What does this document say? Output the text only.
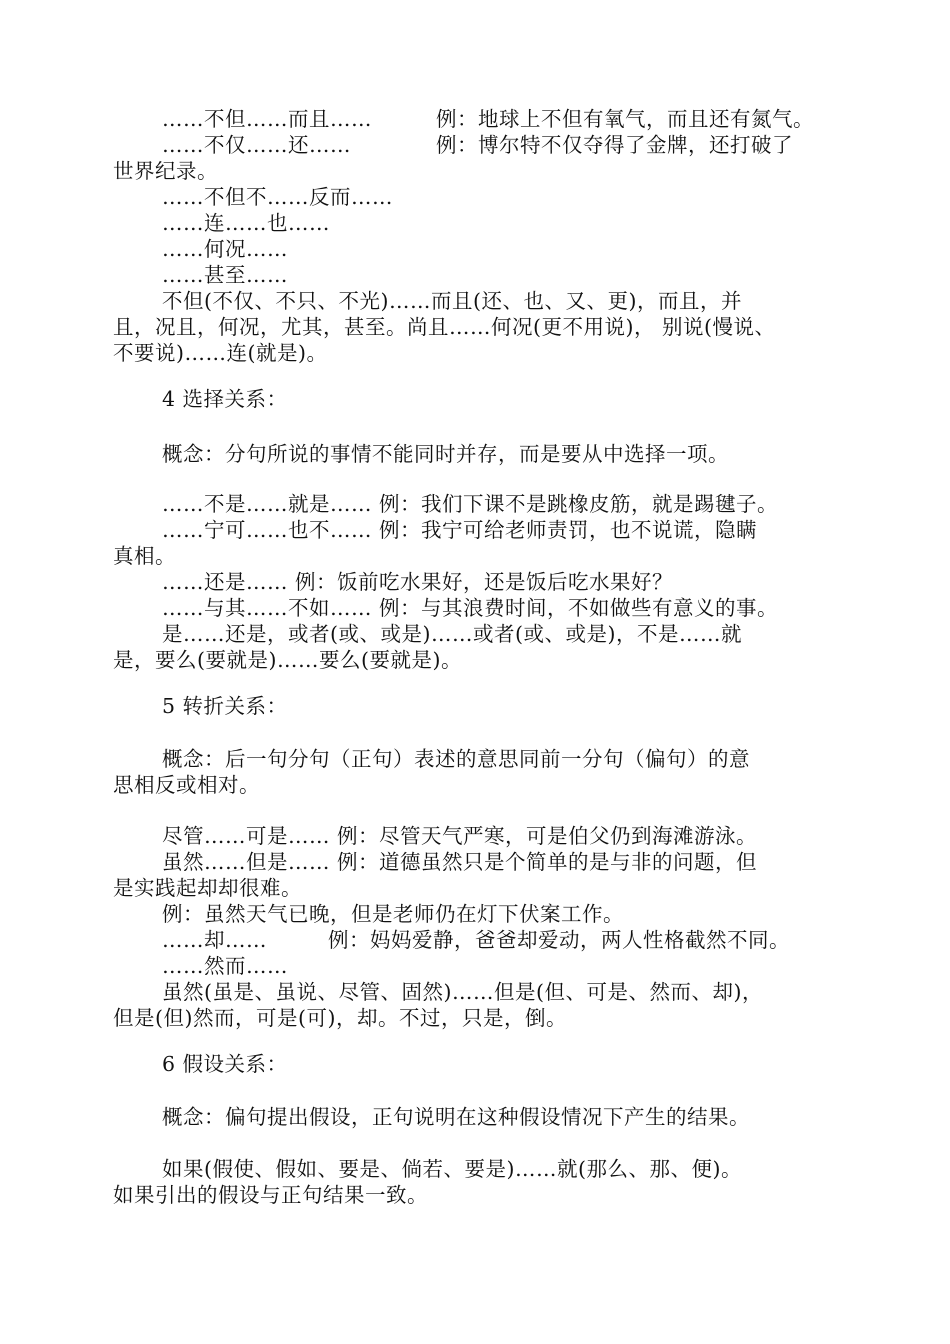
……不但……而且……	例：地球上不但有氧气，而且还有氮气。
……不仅……还……	例：博尔特不仅夺得了金牌，还打破了
世界纪录。
……不但不……反而……
……连……也……
……何况……
……甚至……
不但(不仅、不只、不光)……而且(还、也、又、更)，而且，并
且，况且，何况，尤其，甚至。尚且……何况(更不用说)， 别说(慢说、
不要说)……连(就是)。
4 选择关系：
概念：分句所说的事情不能同时并存，而是要从中选择一项。
……不是……就是…… 例：我们下课不是跳橡皮筋，就是踢毽子。
……宁可……也不…… 例：我宁可给老师责罚，也不说谎，隐瞒
真相。
……还是…… 例：饭前吃水果好，还是饭后吃水果好？
……与其……不如…… 例：与其浪费时间，不如做些有意义的事。
是……还是，或者(或、或是)……或者(或、或是)，不是……就
是，要么(要就是)……要么(要就是)。
5 转折关系：
概念：后一句分句（正句）表述的意思同前一分句（偏句）的意
思相反或相对。
尽管……可是…… 例：尽管天气严寒，可是伯父仍到海滩游泳。
虽然……但是…… 例：道德虽然只是个简单的是与非的问题，但
是实践起却却很难。
例：虽然天气已晚，但是老师仍在灯下伏案工作。
……却……	例：妈妈爱静，爸爸却爱动，两人性格截然不同。
……然而……
虽然(虽是、虽说、尽管、固然)……但是(但、可是、然而、却)，
但是(但)然而，可是(可)，却。不过，只是，倒。
6 假设关系：
概念：偏句提出假设，正句说明在这种假设情况下产生的结果。
如果(假使、假如、要是、倘若、要是)……就(那么、那、便)。
如果引出的假设与正句结果一致。
